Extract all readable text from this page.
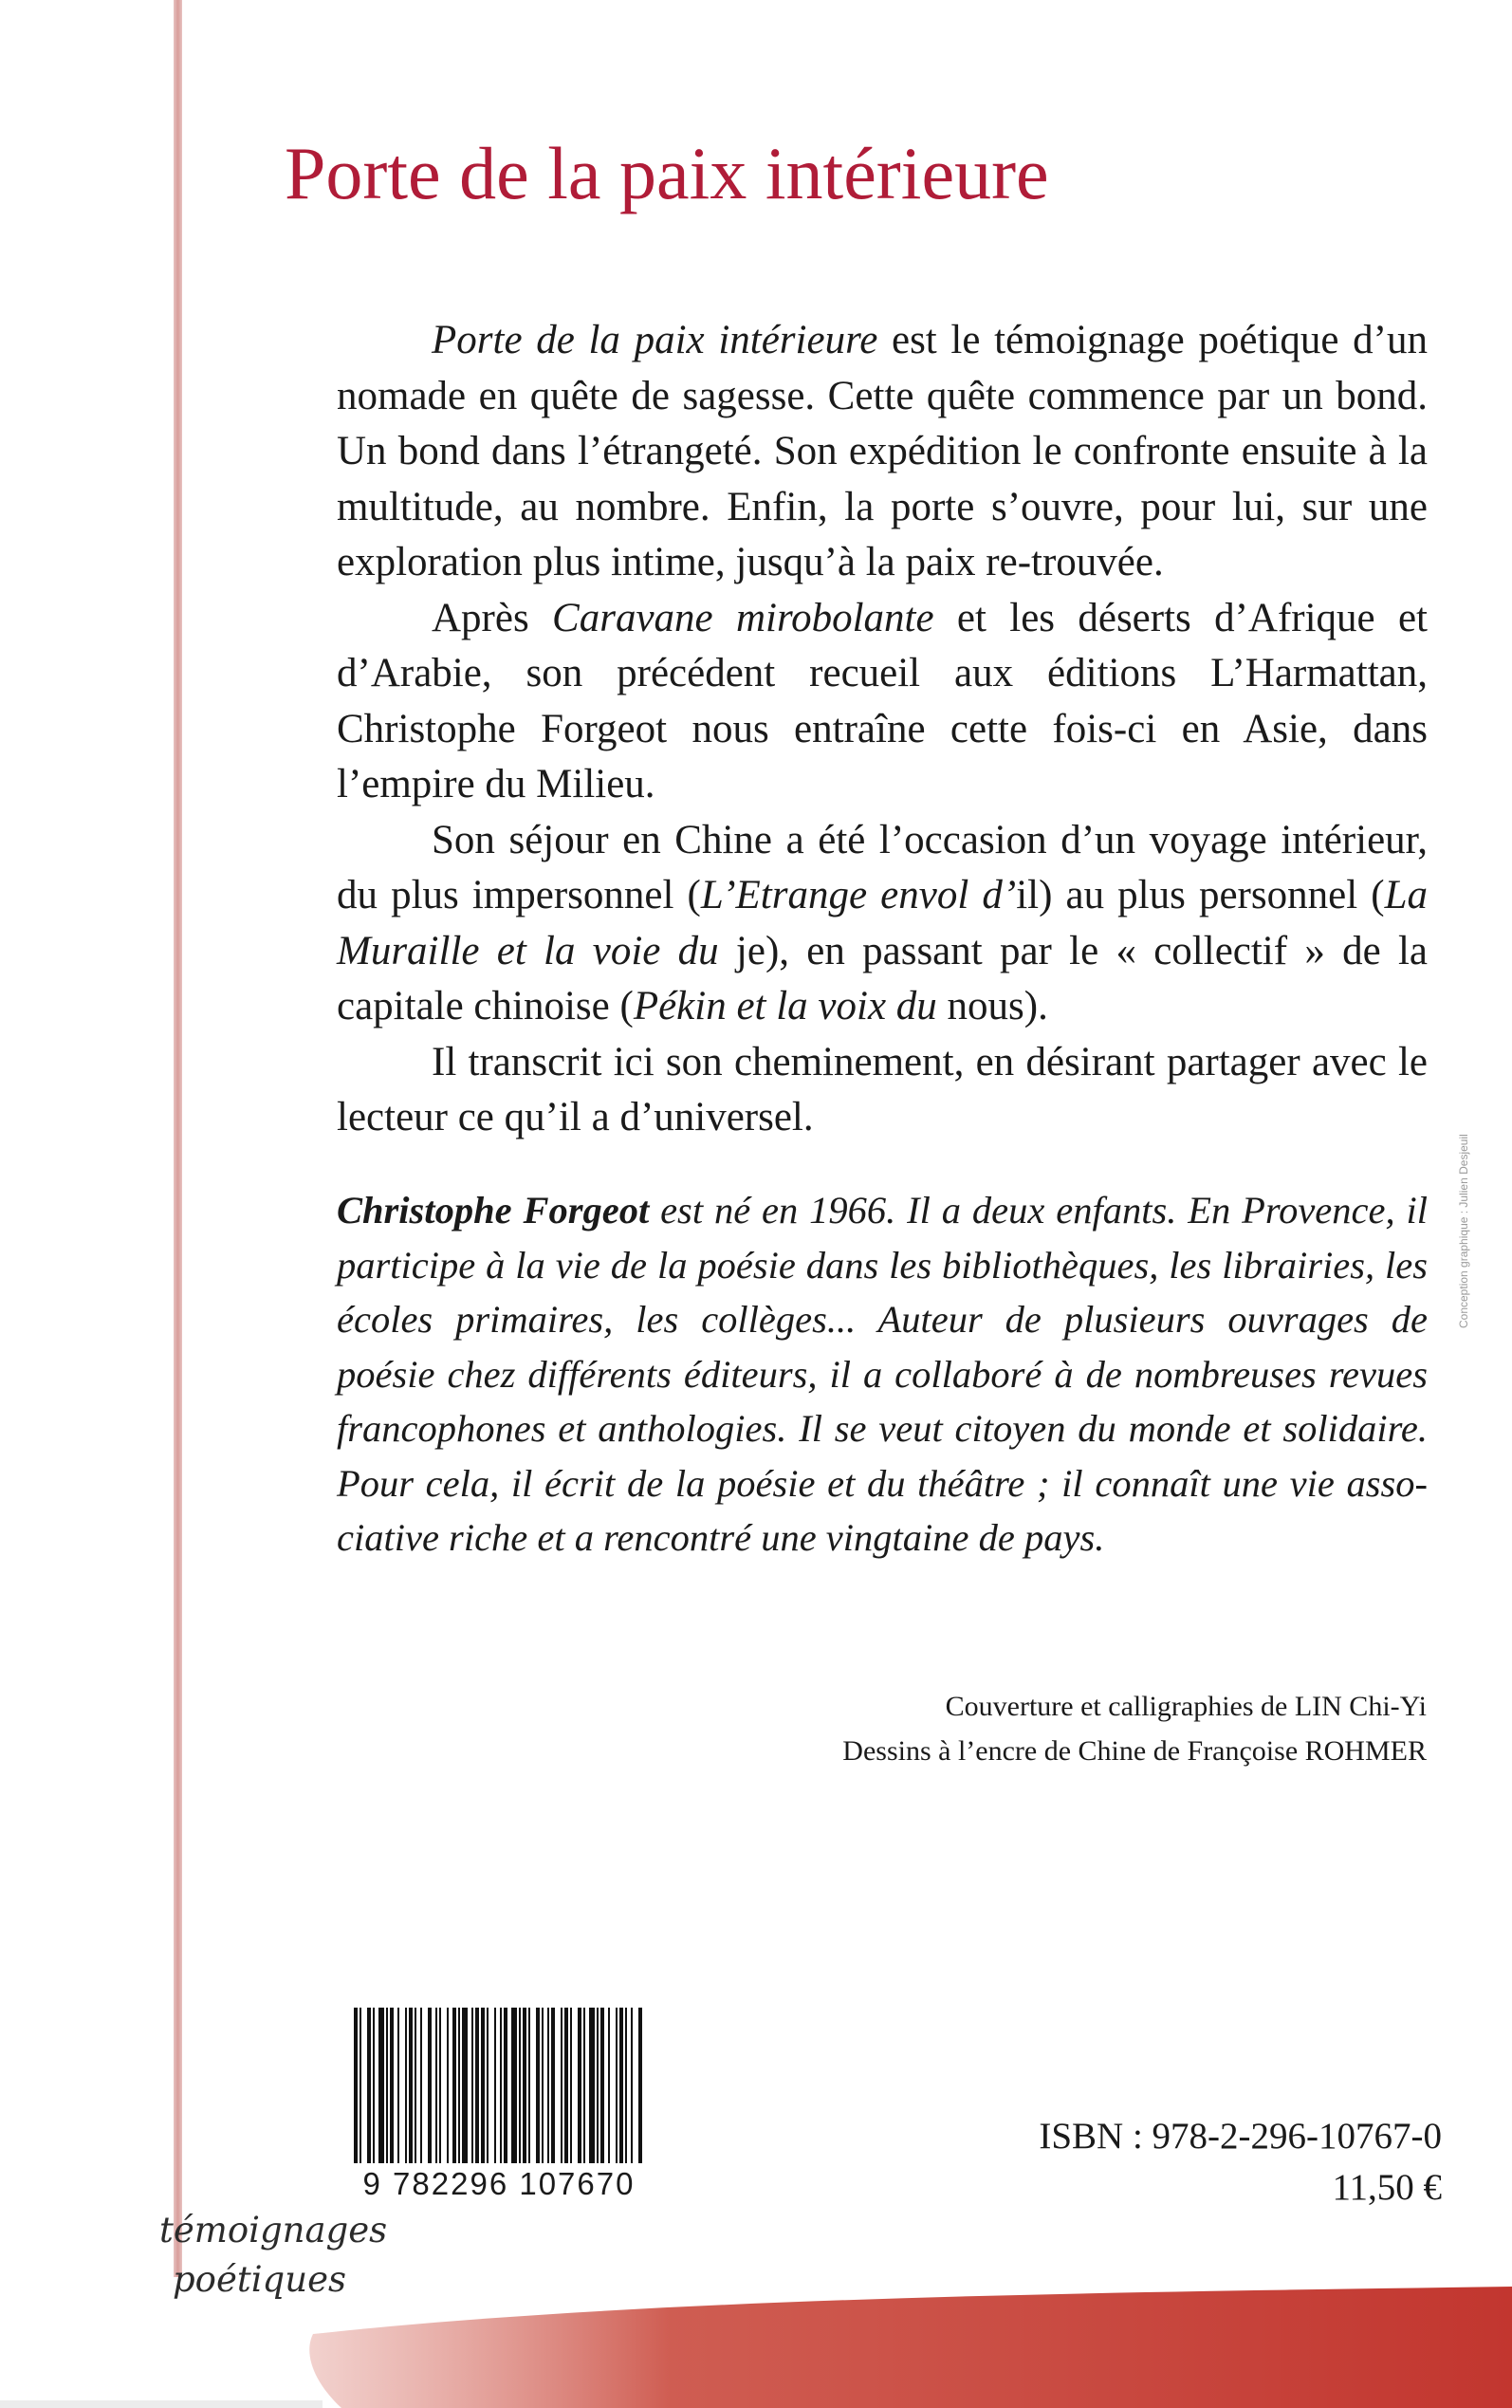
Porte de la paix intérieure

Porte de la paix intérieure est le témoignage poétique d’un nomade en quête de sagesse. Cette quête commence par un bond. Un bond dans l’étrangeté. Son expédition le confronte ensuite à la multitude, au nombre. Enfin, la porte s’ouvre, pour lui, sur une exploration plus intime, jusqu’à la paix re-trouvée.

Après Caravane mirobolante et les déserts d’Afrique et d’Arabie, son précédent recueil aux éditions L’Harmattan, Christophe Forgeot nous entraîne cette fois-ci en Asie, dans l’empire du Milieu.

Son séjour en Chine a été l’occasion d’un voyage intérieur, du plus impersonnel (L’Etrange envol d’il) au plus personnel (La Muraille et la voie du je), en passant par le « collectif » de la capitale chinoise (Pékin et la voix du nous).

Il transcrit ici son cheminement, en désirant partager avec le lecteur ce qu’il a d’universel.

Christophe Forgeot est né en 1966. Il a deux enfants. En Provence, il participe à la vie de la poésie dans les bibliothèques, les librairies, les écoles primaires, les collèges... Auteur de plusieurs ouvrages de poésie chez différents éditeurs, il a collaboré à de nombreuses revues francophones et anthologies. Il se veut citoyen du monde et solidaire. Pour cela, il écrit de la poésie et du théâtre ; il connaît une vie associative riche et a rencontré une vingtaine de pays.

Couverture et calligraphies de LIN Chi-Yi
Dessins à l’encre de Chine de Françoise ROHMER
Conception graphique : Julien Desjeuil
9 782296 107670
ISBN : 978-2-296-10767-0
11,50 €
témoignages
poétiques
